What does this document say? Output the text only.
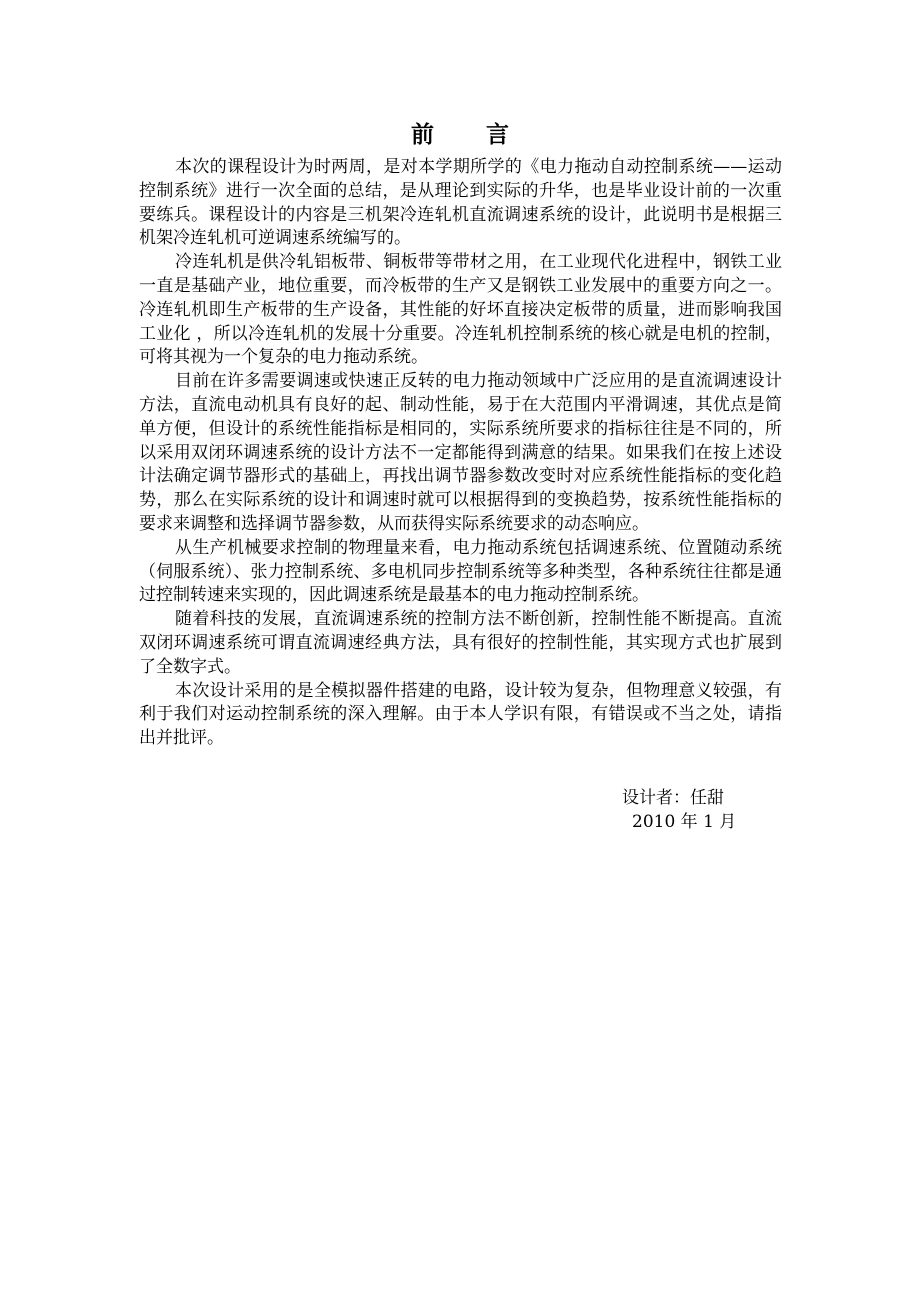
前 言

本次的课程设计为时两周，是对本学期所学的《电力拖动自动控制系统——运动控制系统》进行一次全面的总结，是从理论到实际的升华，也是毕业设计前的一次重要练兵。课程设计的内容是三机架冷连轧机直流调速系统的设计，此说明书是根据三机架冷连轧机可逆调速系统编写的。

冷连轧机是供冷轧铝板带、铜板带等带材之用，在工业现代化进程中，钢铁工业一直是基础产业，地位重要，而冷板带的生产又是钢铁工业发展中的重要方向之一。冷连轧机即生产板带的生产设备，其性能的好坏直接决定板带的质量，进而影响我国工业化 ，所以冷连轧机的发展十分重要。冷连轧机控制系统的核心就是电机的控制，可将其视为一个复杂的电力拖动系统。

目前在许多需要调速或快速正反转的电力拖动领域中广泛应用的是直流调速设计方法，直流电动机具有良好的起、制动性能，易于在大范围内平滑调速，其优点是简单方便，但设计的系统性能指标是相同的，实际系统所要求的指标往往是不同的，所以采用双闭环调速系统的设计方法不一定都能得到满意的结果。如果我们在按上述设计法确定调节器形式的基础上，再找出调节器参数改变时对应系统性能指标的变化趋势，那么在实际系统的设计和调速时就可以根据得到的变换趋势，按系统性能指标的要求来调整和选择调节器参数，从而获得实际系统要求的动态响应。

从生产机械要求控制的物理量来看，电力拖动系统包括调速系统、位置随动系统（伺服系统）、张力控制系统、多电机同步控制系统等多种类型，各种系统往往都是通过控制转速来实现的，因此调速系统是最基本的电力拖动控制系统。

随着科技的发展，直流调速系统的控制方法不断创新，控制性能不断提高。直流双闭环调速系统可谓直流调速经典方法，具有很好的控制性能，其实现方式也扩展到了全数字式。

本次设计采用的是全模拟器件搭建的电路，设计较为复杂，但物理意义较强，有利于我们对运动控制系统的深入理解。由于本人学识有限，有错误或不当之处，请指出并批评。

设计者：任甜
2010 年 1 月
